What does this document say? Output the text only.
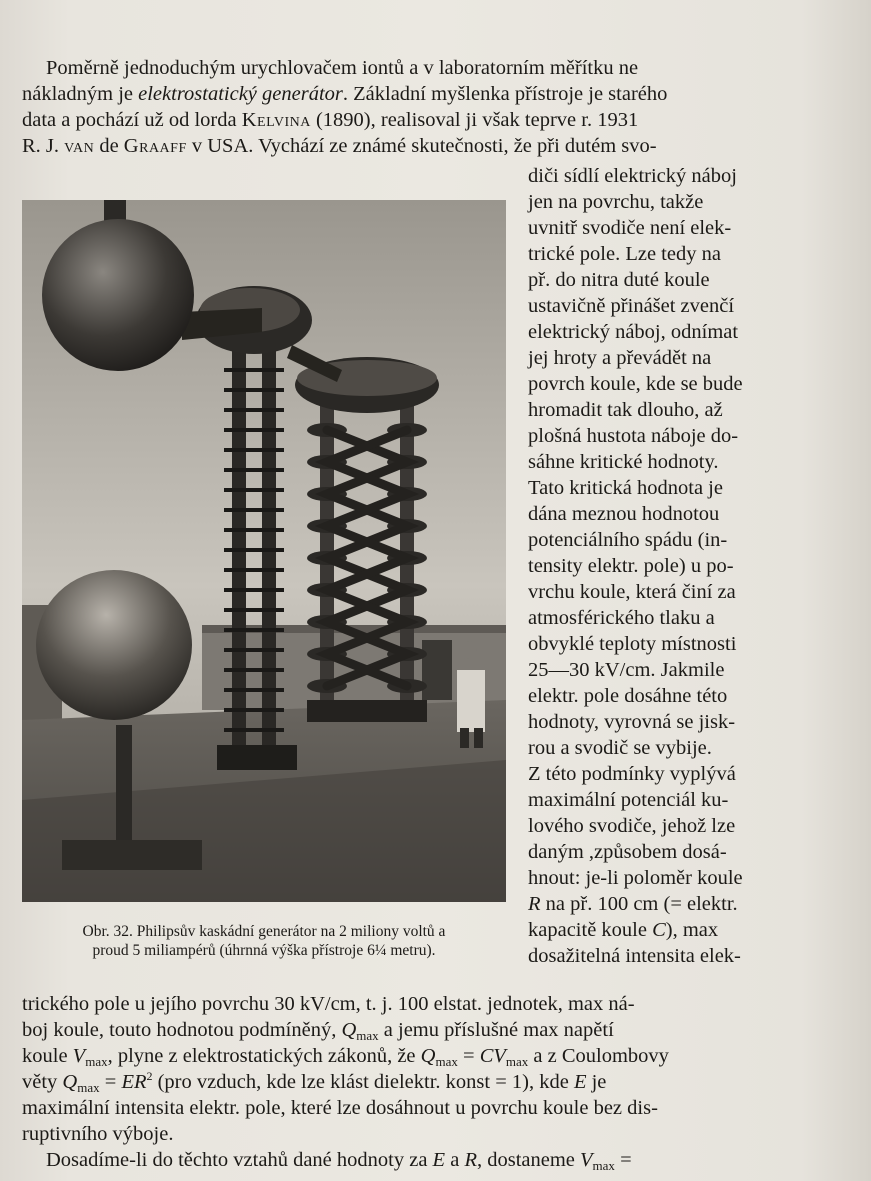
Poměrně jednoduchým urychlovačem iontů a v laboratorním měřítku ne

nákladným je elektrostatický generátor. Základní myšlenka přístroje je starého

data a pochází už od lorda Kelvina (1890), realisoval ji však teprve r. 1931

R. J. van de Graaff v USA. Vychází ze známé skutečnosti, že při dutém svo-

diči sídlí elektrický náboj

jen na povrchu, takže

uvnitř svodiče není elek-

trické pole. Lze tedy na

př. do nitra duté koule

ustavičně přinášet zvenčí

elektrický náboj, odnímat

jej hroty a převádět na

povrch koule, kde se bude

hromadit tak dlouho, až

plošná hustota náboje do-

sáhne kritické hodnoty.

Tato kritická hodnota je

dána meznou hodnotou

potenciálního spádu (in-

tensity elektr. pole) u po-

vrchu koule, která činí za

atmosférického tlaku a

obvyklé teploty místnosti

25—30 kV/cm. Jakmile

elektr. pole dosáhne této

hodnoty, vyrovná se jisk-

rou a svodič se vybije.

Z této podmínky vyplývá

maximální potenciál ku-

lového svodiče, jehož lze

daným ,způsobem dosá-

hnout: je-li poloměr koule

R na př. 100 cm (= elektr.

kapacitě koule C), max

dosažitelná intensita elek-

Obr. 32. Philipsův kaskádní generátor na 2 miliony voltů a
proud 5 miliampérů (úhrnná výška přístroje 6¼ metru).

trického pole u jejího povrchu 30 kV/cm, t. j. 100 elstat. jednotek, max ná-

boj koule, touto hodnotou podmíněný, $Q_{max}$ a jemu příslušné max napětí

koule $V_{max}$, plyne z elektrostatických zákonů, že $Q_{max} = CV_{max}$ a z Coulombovy

věty $Q_{max} = ER^2$ (pro vzduch, kde lze klást dielektr. konst = 1), kde E je

maximální intensita elektr. pole, které lze dosáhnout u povrchu koule bez dis-

ruptivního výboje.

Dosadíme-li do těchto vztahů dané hodnoty za E a R, dostaneme $V_{max}$ =
